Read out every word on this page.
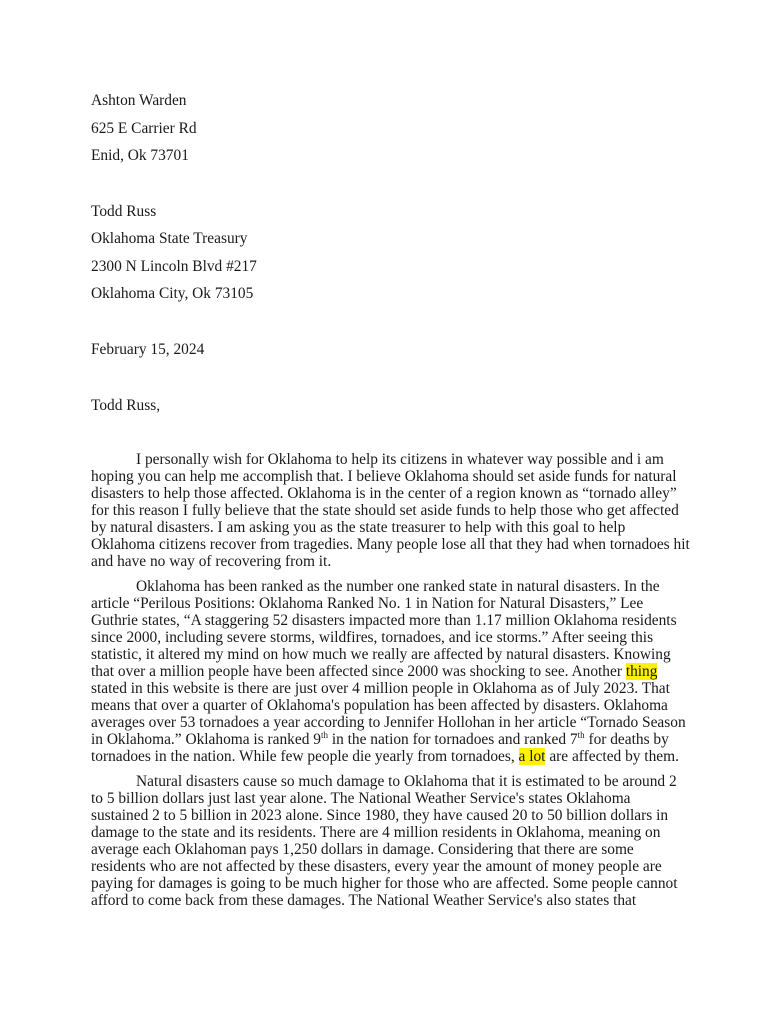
Ashton Warden
625 E Carrier Rd
Enid, Ok 73701
Todd Russ
Oklahoma State Treasury
2300 N Lincoln Blvd #217
Oklahoma City, Ok 73105
February 15, 2024
Todd Russ,

I personally wish for Oklahoma to help its citizens in whatever way possible and i am hoping you can help me accomplish that. I believe Oklahoma should set aside funds for natural disasters to help those affected. Oklahoma is in the center of a region known as “tornado alley” for this reason I fully believe that the state should set aside funds to help those who get affected by natural disasters. I am asking you as the state treasurer to help with this goal to help Oklahoma citizens recover from tragedies. Many people lose all that they had when tornadoes hit and have no way of recovering from it.

Oklahoma has been ranked as the number one ranked state in natural disasters. In the article “Perilous Positions: Oklahoma Ranked No. 1 in Nation for Natural Disasters,” Lee Guthrie states, “A staggering 52 disasters impacted more than 1.17 million Oklahoma residents since 2000, including severe storms, wildfires, tornadoes, and ice storms.” After seeing this statistic, it altered my mind on how much we really are affected by natural disasters. Knowing that over a million people have been affected since 2000 was shocking to see. Another thing stated in this website is there are just over 4 million people in Oklahoma as of July 2023. That means that over a quarter of Oklahoma's population has been affected by disasters. Oklahoma averages over 53 tornadoes a year according to Jennifer Hollohan in her article “Tornado Season in Oklahoma.” Oklahoma is ranked 9th in the nation for tornadoes and ranked 7th for deaths by tornadoes in the nation. While few people die yearly from tornadoes, a lot are affected by them.

Natural disasters cause so much damage to Oklahoma that it is estimated to be around 2 to 5 billion dollars just last year alone. The National Weather Service's states Oklahoma sustained 2 to 5 billion in 2023 alone. Since 1980, they have caused 20 to 50 billion dollars in damage to the state and its residents. There are 4 million residents in Oklahoma, meaning on average each Oklahoman pays 1,250 dollars in damage. Considering that there are some residents who are not affected by these disasters, every year the amount of money people are paying for damages is going to be much higher for those who are affected. Some people cannot afford to come back from these damages. The National Weather Service's also states that
